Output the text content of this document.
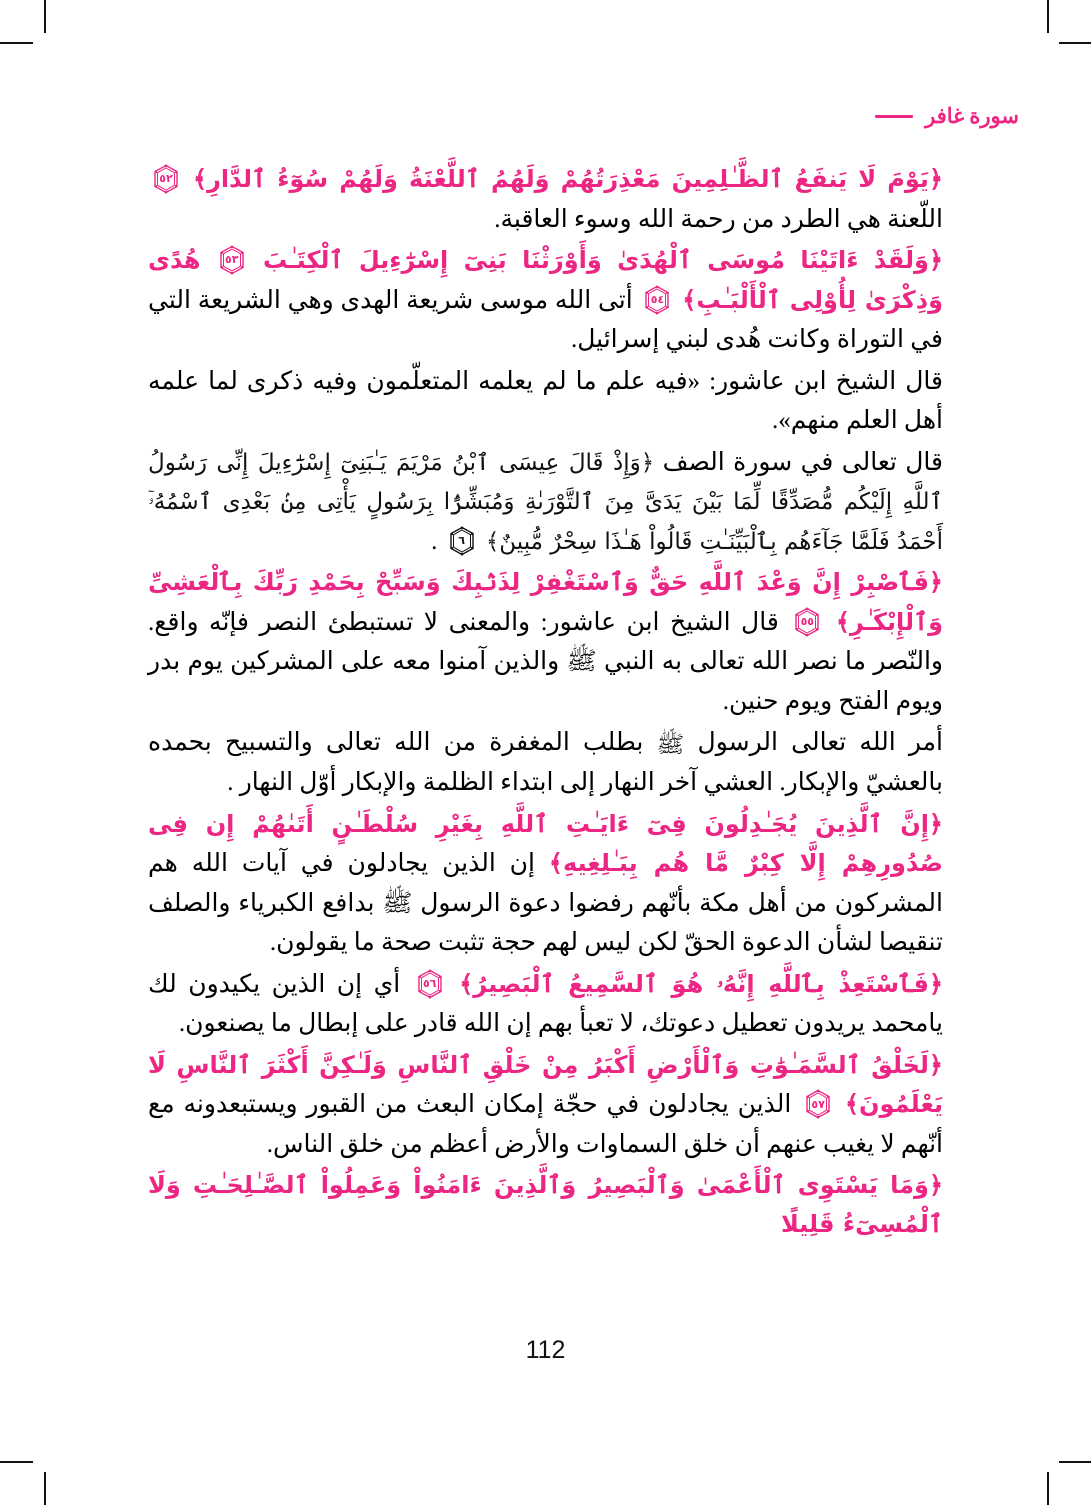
سورة غافر

﴿يَوْمَ لَا يَنفَعُ ٱلظَّـٰلِمِينَ مَعْذِرَتُهُمْ وَلَهُمُ ٱللَّعْنَةُ وَلَهُمْ سُوٓءُ ٱلدَّارِ﴾
٥٢
اللّعنة هي الطرد من رحمة الله وسوء العاقبة.

﴿وَلَقَدْ ءَاتَيْنَا مُوسَى ٱلْهُدَىٰ وَأَوْرَثْنَا بَنِىٓ إِسْرَٰٓءِيلَ ٱلْكِتَـٰبَ
٥٣
هُدًى وَذِكْرَىٰ لِأُوْلِى ٱلْأَلْبَـٰبِ﴾
٥٤
أتى الله موسى شريعة الهدى وهي الشريعة التي في التوراة وكانت هُدى لبني إسرائيل.

قال الشيخ ابن عاشور: «فيه علم ما لم يعلمه المتعلّمون وفيه ذكرى لما علمه أهل العلم منهم».

قال تعالى في سورة الصف ﴿وَإِذْ قَالَ عِيسَى ٱبْنُ مَرْيَمَ يَـٰبَنِىٓ إِسْرَٰٓءِيلَ إِنِّى رَسُولُ ٱللَّهِ إِلَيْكُم مُّصَدِّقًا لِّمَا بَيْنَ يَدَىَّ مِنَ ٱلتَّوْرَىٰةِ وَمُبَشِّرًۢا بِرَسُولٍ يَأْتِى مِنۢ بَعْدِى ٱسْمُهُۥٓ أَحْمَدُ فَلَمَّا جَآءَهُم بِٱلْبَيِّنَـٰتِ قَالُواْ هَـٰذَا سِحْرٌ مُّبِينٌ﴾
٦
.

﴿فَٱصْبِرْ إِنَّ وَعْدَ ٱللَّهِ حَقٌّ وَٱسْتَغْفِرْ لِذَنۢبِكَ وَسَبِّحْ بِحَمْدِ رَبِّكَ بِٱلْعَشِىِّ وَٱلْإِبْكَـٰرِ﴾
٥٥
قال الشيخ ابن عاشور: والمعنى لا تستبطئ النصر فإنّه واقع. والنّصر ما نصر الله تعالى به النبي ﷺ والذين آمنوا معه على المشركين يوم بدر ويوم الفتح ويوم حنين.

أمر الله تعالى الرسول ﷺ بطلب المغفرة من الله تعالى والتسبيح بحمده بالعشيّ والإبكار. العشي آخر النهار إلى ابتداء الظلمة والإبكار أوّل النهار .

﴿إِنَّ ٱلَّذِينَ يُجَـٰدِلُونَ فِىٓ ءَايَـٰتِ ٱللَّهِ بِغَيْرِ سُلْطَـٰنٍ أَتَىٰهُمْ إِن فِى صُدُورِهِمْ إِلَّا كِبْرٌ مَّا هُم بِبَـٰلِغِيهِ﴾ إن الذين يجادلون في آيات الله هم المشركون من أهل مكة بأنّهم رفضوا دعوة الرسول ﷺ بدافع الكبرياء والصلف تنقيصا لشأن الدعوة الحقّ لكن ليس لهم حجة تثبت صحة ما يقولون.

﴿فَٱسْتَعِذْ بِٱللَّهِ إِنَّهُۥ هُوَ ٱلسَّمِيعُ ٱلْبَصِيرُ﴾
٥٦
أي إن الذين يكيدون لك يامحمد يريدون تعطيل دعوتك، لا تعبأ بهم إن الله قادر على إبطال ما يصنعون.

﴿لَخَلْقُ ٱلسَّمَـٰوَٰتِ وَٱلْأَرْضِ أَكْبَرُ مِنْ خَلْقِ ٱلنَّاسِ وَلَـٰكِنَّ أَكْثَرَ ٱلنَّاسِ لَا يَعْلَمُونَ﴾
٥٧
الذين يجادلون في حجّة إمكان البعث من القبور ويستبعدونه مع أنّهم لا يغيب عنهم أن خلق السماوات والأرض أعظم من خلق الناس.

﴿وَمَا يَسْتَوِى ٱلْأَعْمَىٰ وَٱلْبَصِيرُ وَٱلَّذِينَ ءَامَنُواْ وَعَمِلُواْ ٱلصَّـٰلِحَـٰتِ وَلَا ٱلْمُسِىٓءُ قَلِيلًا

112
